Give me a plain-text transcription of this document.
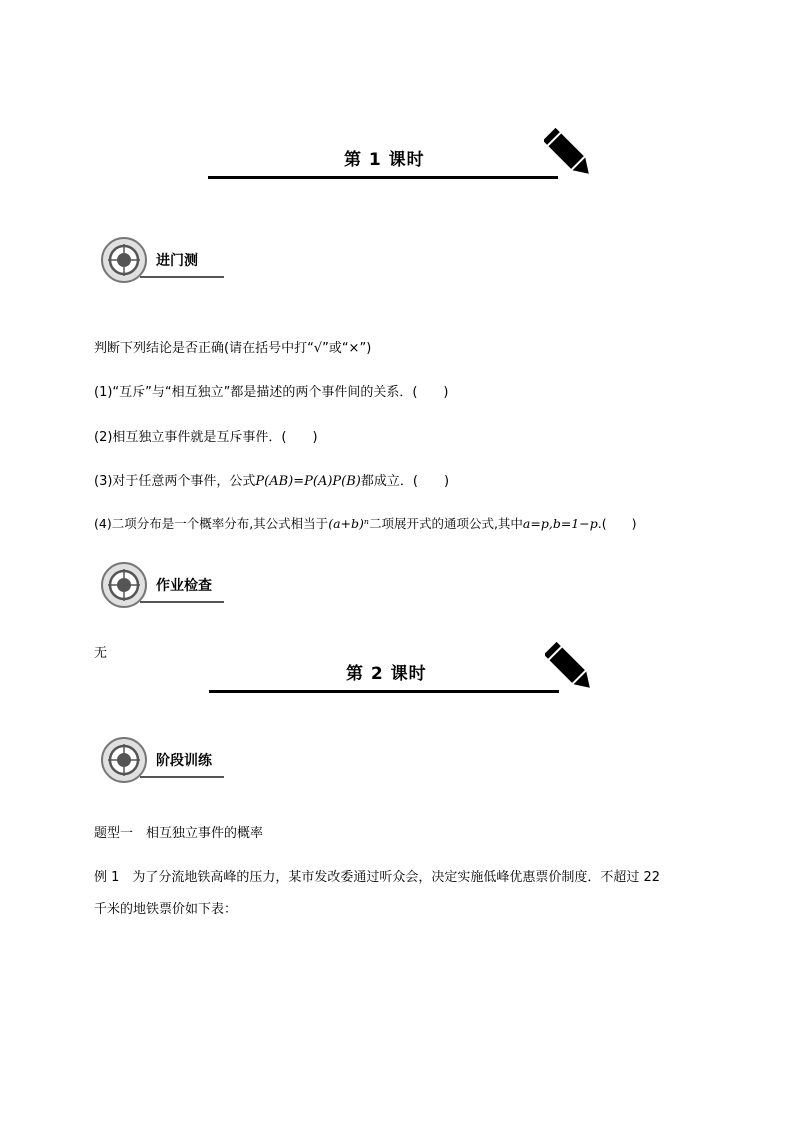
第 1 课时
进门测
判断下列结论是否正确(请在括号中打“√”或“×”)
(1)“互斥”与“相互独立”都是描述的两个事件间的关系．(　　)
(2)相互独立事件就是互斥事件．(　　)
(3)对于任意两个事件，公式P(AB)=P(A)P(B)都成立．(　　)
(4)二项分布是一个概率分布,其公式相当于(a+b)ⁿ二项展开式的通项公式,其中a=p,b=1−p.(　　)
作业检查
无
第 2 课时
阶段训练
题型一　相互独立事件的概率
例 1　为了分流地铁高峰的压力，某市发改委通过听众会，决定实施低峰优惠票价制度．不超过 22
千米的地铁票价如下表：
